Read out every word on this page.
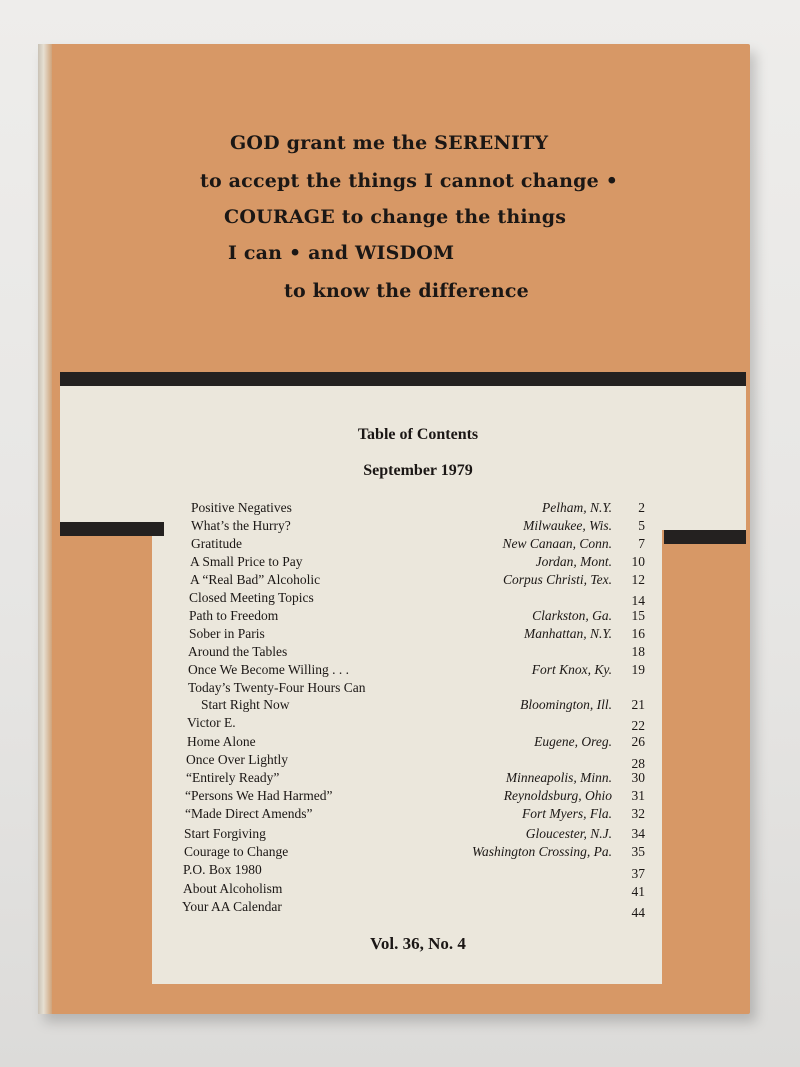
GOD grant me the SERENITY
to accept the things I cannot change •
COURAGE to change the things
I can • and WISDOM
to know the difference
Table of Contents
September 1979
Positive Negatives	Pelham, N.Y. 2
What’s the Hurry?	Milwaukee, Wis. 5
Gratitude	New Canaan, Conn. 7
A Small Price to Pay	Jordan, Mont. 10
A “Real Bad” Alcoholic	Corpus Christi, Tex. 12
Closed Meeting Topics	14
Path to Freedom	Clarkston, Ga. 15
Sober in Paris	Manhattan, N.Y. 16
Around the Tables	18
Once We Become Willing . . .	Fort Knox, Ky. 19
Today’s Twenty-Four Hours Can
Start Right Now	Bloomington, Ill. 21
Victor E.	22
Home Alone	Eugene, Oreg. 26
Once Over Lightly	28
“Entirely Ready”	Minneapolis, Minn. 30
“Persons We Had Harmed”	Reynoldsburg, Ohio 31
“Made Direct Amends”	Fort Myers, Fla. 32
Start Forgiving	Gloucester, N.J. 34
Courage to Change	Washington Crossing, Pa. 35
P.O. Box 1980	37
About Alcoholism	41
Your AA Calendar	44
Vol. 36, No. 4
